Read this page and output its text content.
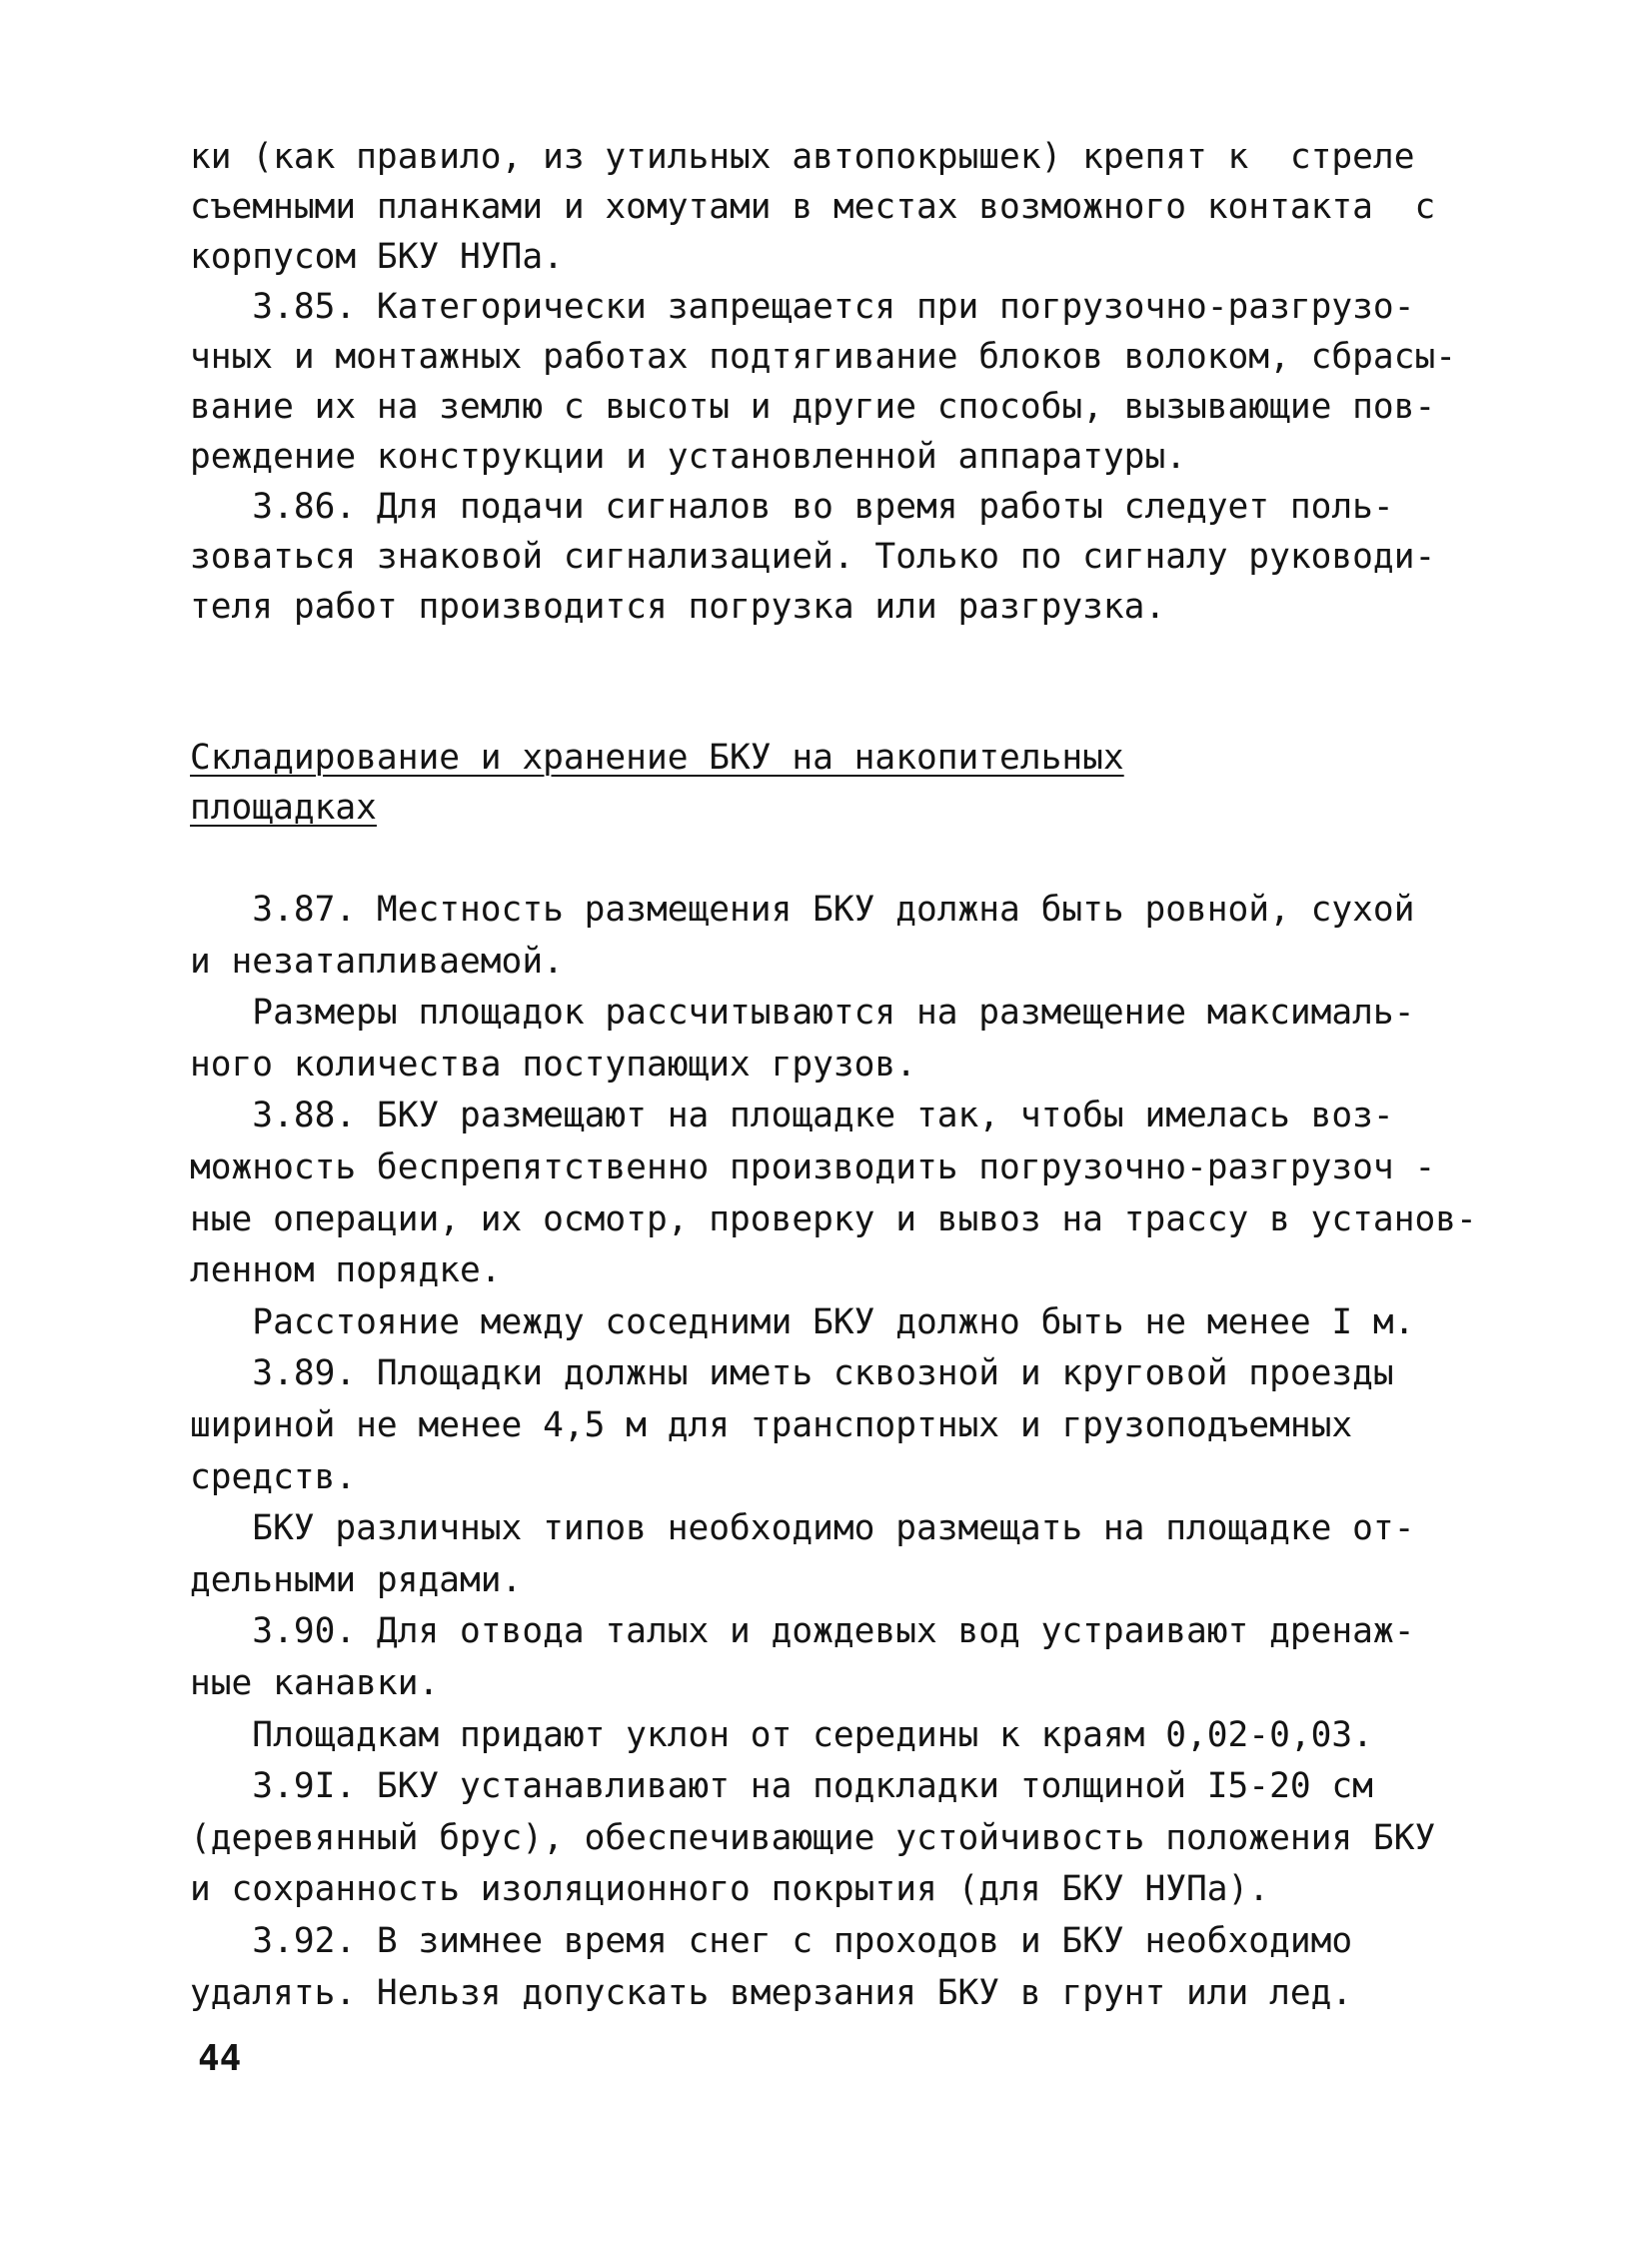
ки (как правило, из утильных автопокрышек) крепят к  стреле
съемными планками и хомутами в местах возможного контакта  с
корпусом БКУ НУПа.
3.85. Категорически запрещается при погрузочно-разгрузо-
чных и монтажных работах подтягивание блоков волоком, сбрасы-
вание их на землю с высоты и другие способы, вызывающие пов-
реждение конструкции и установленной аппаратуры.
3.86. Для подачи сигналов во время работы следует поль-
зоваться знаковой сигнализацией. Только по сигналу руководи-
теля работ производится погрузка или разгрузка.
Складирование и хранение БКУ на накопительных
площадках
3.87. Местность размещения БКУ должна быть ровной, сухой
и незатапливаемой.
Размеры площадок рассчитываются на размещение максималь-
ного количества поступающих грузов.
3.88. БКУ размещают на площадке так, чтобы имелась воз-
можность беспрепятственно производить погрузочно-разгрузоч -
ные операции, их осмотр, проверку и вывоз на трассу в установ-
ленном порядке.
Расстояние между соседними БКУ должно быть не менее I м.
3.89. Площадки должны иметь сквозной и круговой проезды
шириной не менее 4,5 м для транспортных и грузоподъемных
средств.
БКУ различных типов необходимо размещать на площадке от-
дельными рядами.
3.90. Для отвода талых и дождевых вод устраивают дренаж-
ные канавки.
Площадкам придают уклон от середины к краям 0,02-0,03.
3.9I. БКУ устанавливают на подкладки толщиной I5-20 см
(деревянный брус), обеспечивающие устойчивость положения БКУ
и сохранность изоляционного покрытия (для БКУ НУПа).
3.92. В зимнее время снег с проходов и БКУ необходимо
удалять. Нельзя допускать вмерзания БКУ в грунт или лед.
44
